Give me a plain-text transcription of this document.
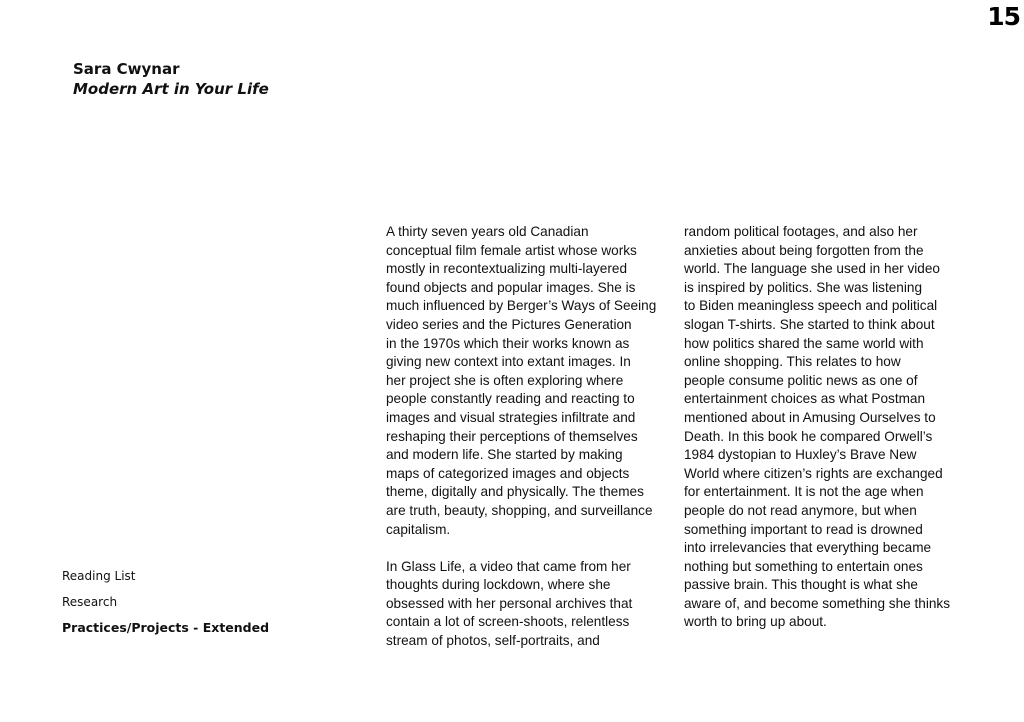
15
Sara Cwynar
Modern Art in Your Life
Reading List
Research
Practices/Projects - Extended

A thirty seven years old Canadian

conceptual film female artist whose works

mostly in recontextualizing multi-layered

found objects and popular images. She is

much influenced by Berger’s Ways of Seeing

video series and the Pictures Generation

in the 1970s which their works known as

giving new context into extant images. In

her project she is often exploring where

people constantly reading and reacting to

images and visual strategies infiltrate and

reshaping their perceptions of themselves

and modern life. She started by making

maps of categorized images and objects

theme, digitally and physically. The themes

are truth, beauty, shopping, and surveillance

capitalism.

In Glass Life, a video that came from her

thoughts during lockdown, where she

obsessed with her personal archives that

contain a lot of screen-shoots, relentless

stream of photos, self-portraits, and

random political footages, and also her

anxieties about being forgotten from the

world. The language she used in her video

is inspired by politics. She was listening

to Biden meaningless speech and political

slogan T-shirts. She started to think about

how politics shared the same world with

online shopping. This relates to how

people consume politic news as one of

entertainment choices as what Postman

mentioned about in Amusing Ourselves to

Death. In this book he compared Orwell’s

1984 dystopian to Huxley’s Brave New

World where citizen’s rights are exchanged

for entertainment. It is not the age when

people do not read anymore, but when

something important to read is drowned

into irrelevancies that everything became

nothing but something to entertain ones

passive brain. This thought is what she

aware of, and become something she thinks

worth to bring up about.
